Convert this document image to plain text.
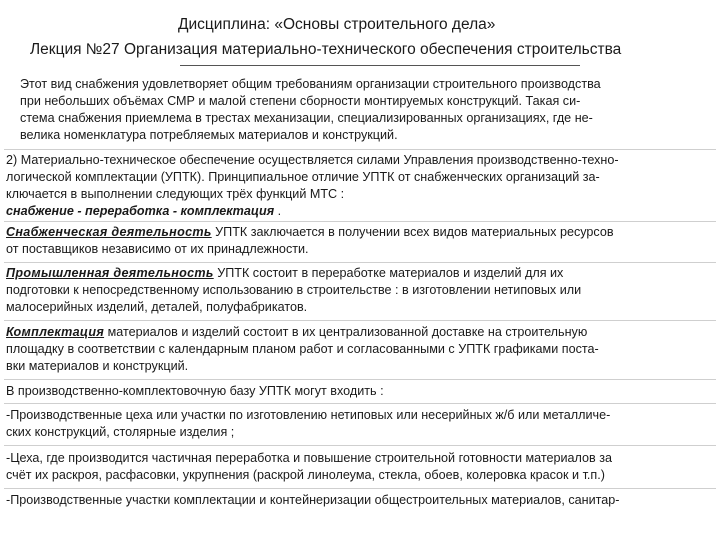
Дисциплина: «Основы строительного дела»
Лекция №27 Организация материально-технического обеспечения строительства
Этот вид снабжения удовлетворяет общим требованиям организации строительного производства
при небольших объёмах СМР и малой степени сборности монтируемых конструкций. Такая си-
стема снабжения приемлема в трестах механизации, специализированных организациях, где не-
велика номенклатура потребляемых материалов и конструкций.
2) Материально-техническое обеспечение осуществляется силами Управления производственно-техно-
логической комплектации (УПТК). Принципиальное отличие УПТК от снабженческих организаций за-
ключается в выполнении следующих трёх функций МТС :
снабжение - переработка - комплектация .
Снабженческая деятельность УПТК заключается в получении всех видов материальных ресурсов
от поставщиков независимо от их принадлежности.
Промышленная деятельность УПТК состоит в переработке материалов и изделий для их
подготовки к непосредственному использованию в строительстве : в изготовлении нетиповых или
малосерийных изделий, деталей, полуфабрикатов.
Комплектация материалов и изделий состоит в их централизованной доставке на строительную
площадку в соответствии с календарным планом работ и согласованными с УПТК графиками поста-
вки материалов и конструкций.
В производственно-комплектовочную базу УПТК могут входить :
-Производственные цеха или участки по изготовлению нетиповых или несерийных ж/б или металличе-
ских конструкций, столярные изделия ;
-Цеха, где производится частичная переработка и повышение строительной готовности материалов за
счёт их раскроя, расфасовки, укрупнения (раскрой линолеума, стекла, обоев, колеровка красок и т.п.)
-Производственные участки комплектации и контейнеризации общестроительных материалов, санитар-
